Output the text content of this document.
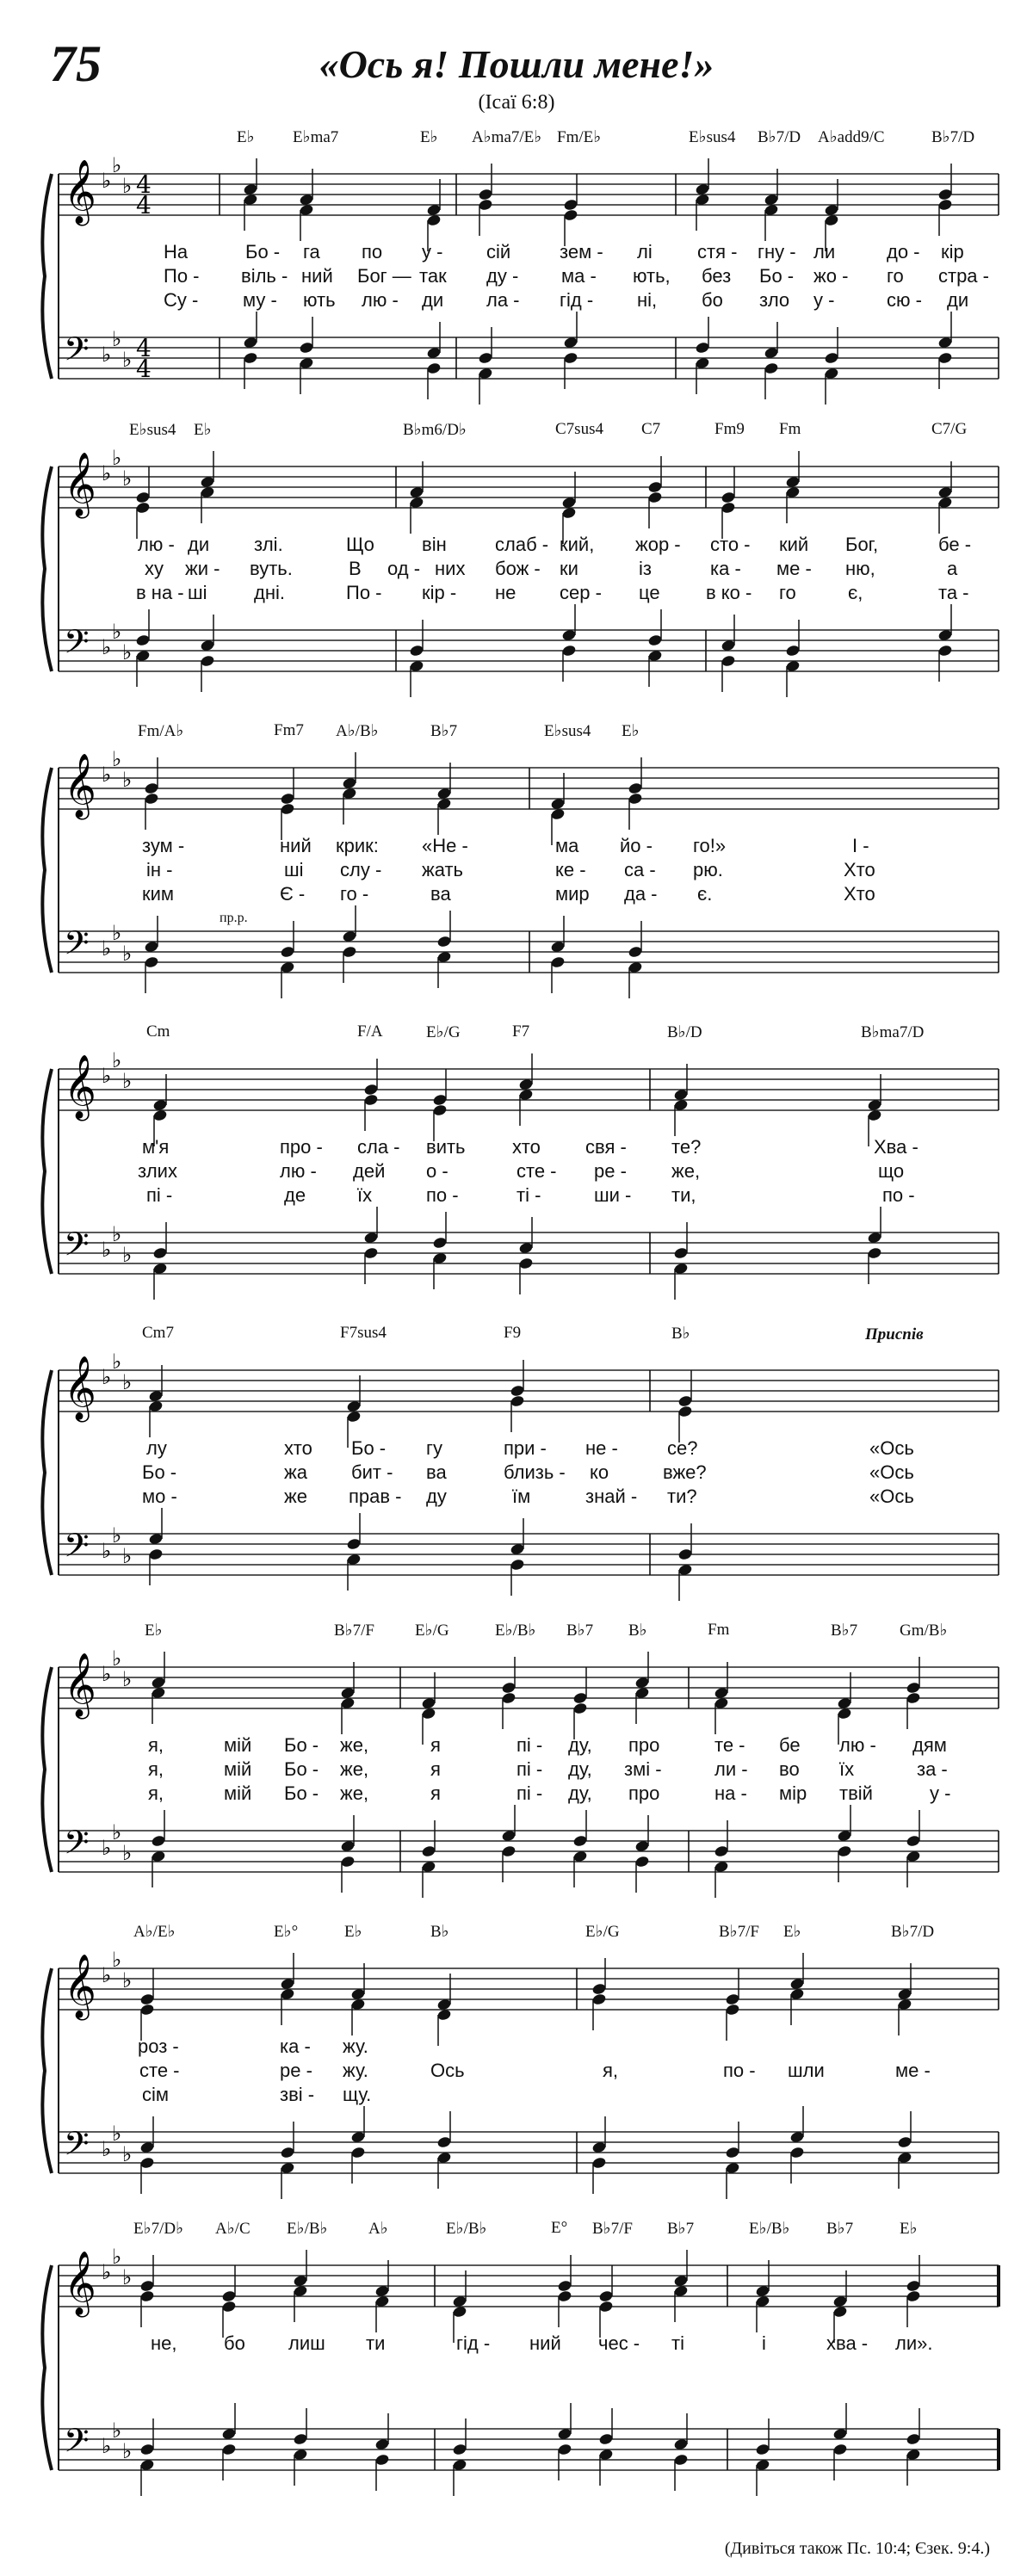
75	«Ось я! Пошли мене!»
(Ісаї 6:8)
𝄞
𝄢
♭
♭
♭
♭
♭
♭
4
4
4
4
E♭ E♭ma7	E♭ A♭ma7/E♭ Fm/E♭	E♭sus4 B♭7/D A♭add9/C	B♭7/D
На	Бо - га по у - сій	зем - лі стя - гну - ли	до - кір
По - віль - ний Бог — так ду - ма - ють, без Бо - жо - го стра -
Су - му - ють лю - ди ла - гід - ні, бо зло у -	сю - ди
𝄞
𝄢
♭
♭
♭
♭
♭
♭
E♭sus4 E♭	B♭m6/D♭	C7sus4 C7	Fm9 Fm	C7/G
лю - ди злі.	Що	він	слаб - кий, жор - сто - кий Бог,	бе -
ху жи - вуть.	В од - них бож - ки	із	ка - ме - ню,	а
в на - ші дні.	По - кір - не сер - це в ко - го	є,	та -
𝄞
𝄢
♭
♭
♭
♭
♭
♭
Fm/A♭	Fm7 A♭/B♭	B♭7	E♭sus4 E♭
зум -	ний крик: «Не -	ма йо - го!»	І -
ін -	ші слу - жать	ке - са - рю.	Хто
ким	Є - го -	ва	мир да - є.	Хто
пр.р.
𝄞
𝄢
♭
♭
♭
♭
♭
♭
Cm	F/A	E♭/G	F7	B♭/D	B♭ma7/D
м'я	про - сла - вить хто свя - те?	Хва -
злих	лю - дей о -	сте - ре - же,	що
пі -	де	їх	по -	ті -	ши - ти,	по -
𝄞
𝄢
♭
♭
♭
♭
♭
♭
Cm7	F7sus4	F9	B♭
лу	хто Бо - гу	при - не -	се?	«Ось
Бо -	жа бит - ва	близь - ко	вже?	«Ось
мо -	же прав - ду	їм	знай - ти?	«Ось
Приспів
𝄞
𝄢
♭
♭
♭
♭
♭
♭
E♭	B♭7/F E♭/G	E♭/B♭ B♭7 B♭	Fm	B♭7	Gm/B♭
я,	мій Бо - же,	я	пі - ду, про	те - бе лю - дям
я,	мій Бо - же,	я	пі - ду, змі -	ли - во їх	за -
я,	мій Бо - же,	я	пі - ду, про	на - мір твій	у -
𝄞
𝄢
♭
♭
♭
♭
♭
♭
A♭/E♭	E♭°	E♭	B♭	E♭/G	B♭7/F E♭	B♭7/D
роз -	ка - жу.
сте -	ре - жу.	Ось	я,	по - шли	ме -
сім	зві - щу.
𝄞
𝄢
♭
♭
♭
♭
♭
♭
E♭7/D♭ A♭/C E♭/B♭	A♭	E♭/B♭	E° B♭7/F B♭7	E♭/B♭ B♭7	E♭
не, бо лиш ти	гід - ний чес - ті	і	хва - ли».
(Дивіться також Пс. 10:4; Єзек. 9:4.)
